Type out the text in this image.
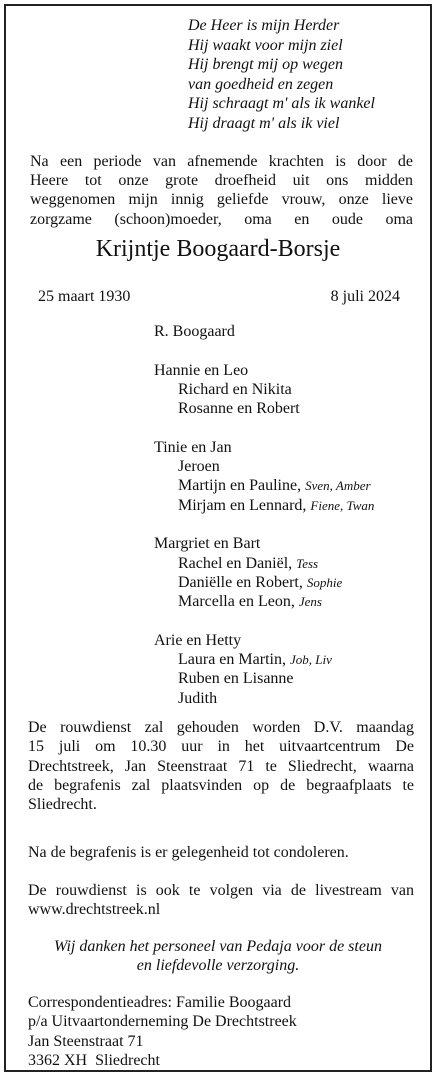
De Heer is mijn Herder
Hij waakt voor mijn ziel
Hij brengt mij op wegen
van goedheid en zegen
Hij schraagt m' als ik wankel
Hij draagt m' als ik viel
Na een periode van afnemende krachten is door de
Heere tot onze grote droefheid uit ons midden
weggenomen mijn innig geliefde vrouw, onze lieve
zorgzame (schoon)moeder, oma en oude oma
Krijntje Boogaard-Borsje
25 maart 1930	8 juli 2024
R. Boogaard
Hannie en Leo
Richard en Nikita
Rosanne en Robert
Tinie en Jan
Jeroen
Martijn en Pauline, Sven, Amber
Mirjam en Lennard, Fiene, Twan
Margriet en Bart
Rachel en Daniël, Tess
Daniëlle en Robert, Sophie
Marcella en Leon, Jens
Arie en Hetty
Laura en Martin, Job, Liv
Ruben en Lisanne
Judith
De rouwdienst zal gehouden worden D.V. maandag
15 juli om 10.30 uur in het uitvaartcentrum De
Drechtstreek, Jan Steenstraat 71 te Sliedrecht, waarna
de begrafenis zal plaatsvinden op de begraafplaats te
Sliedrecht.
Na de begrafenis is er gelegenheid tot condoleren.
De rouwdienst is ook te volgen via de livestream van
www.drechtstreek.nl
Wij danken het personeel van Pedaja voor de steun
en liefdevolle verzorging.
Correspondentieadres: Familie Boogaard
p/a Uitvaartonderneming De Drechtstreek
Jan Steenstraat 71
3362 XH  Sliedrecht
